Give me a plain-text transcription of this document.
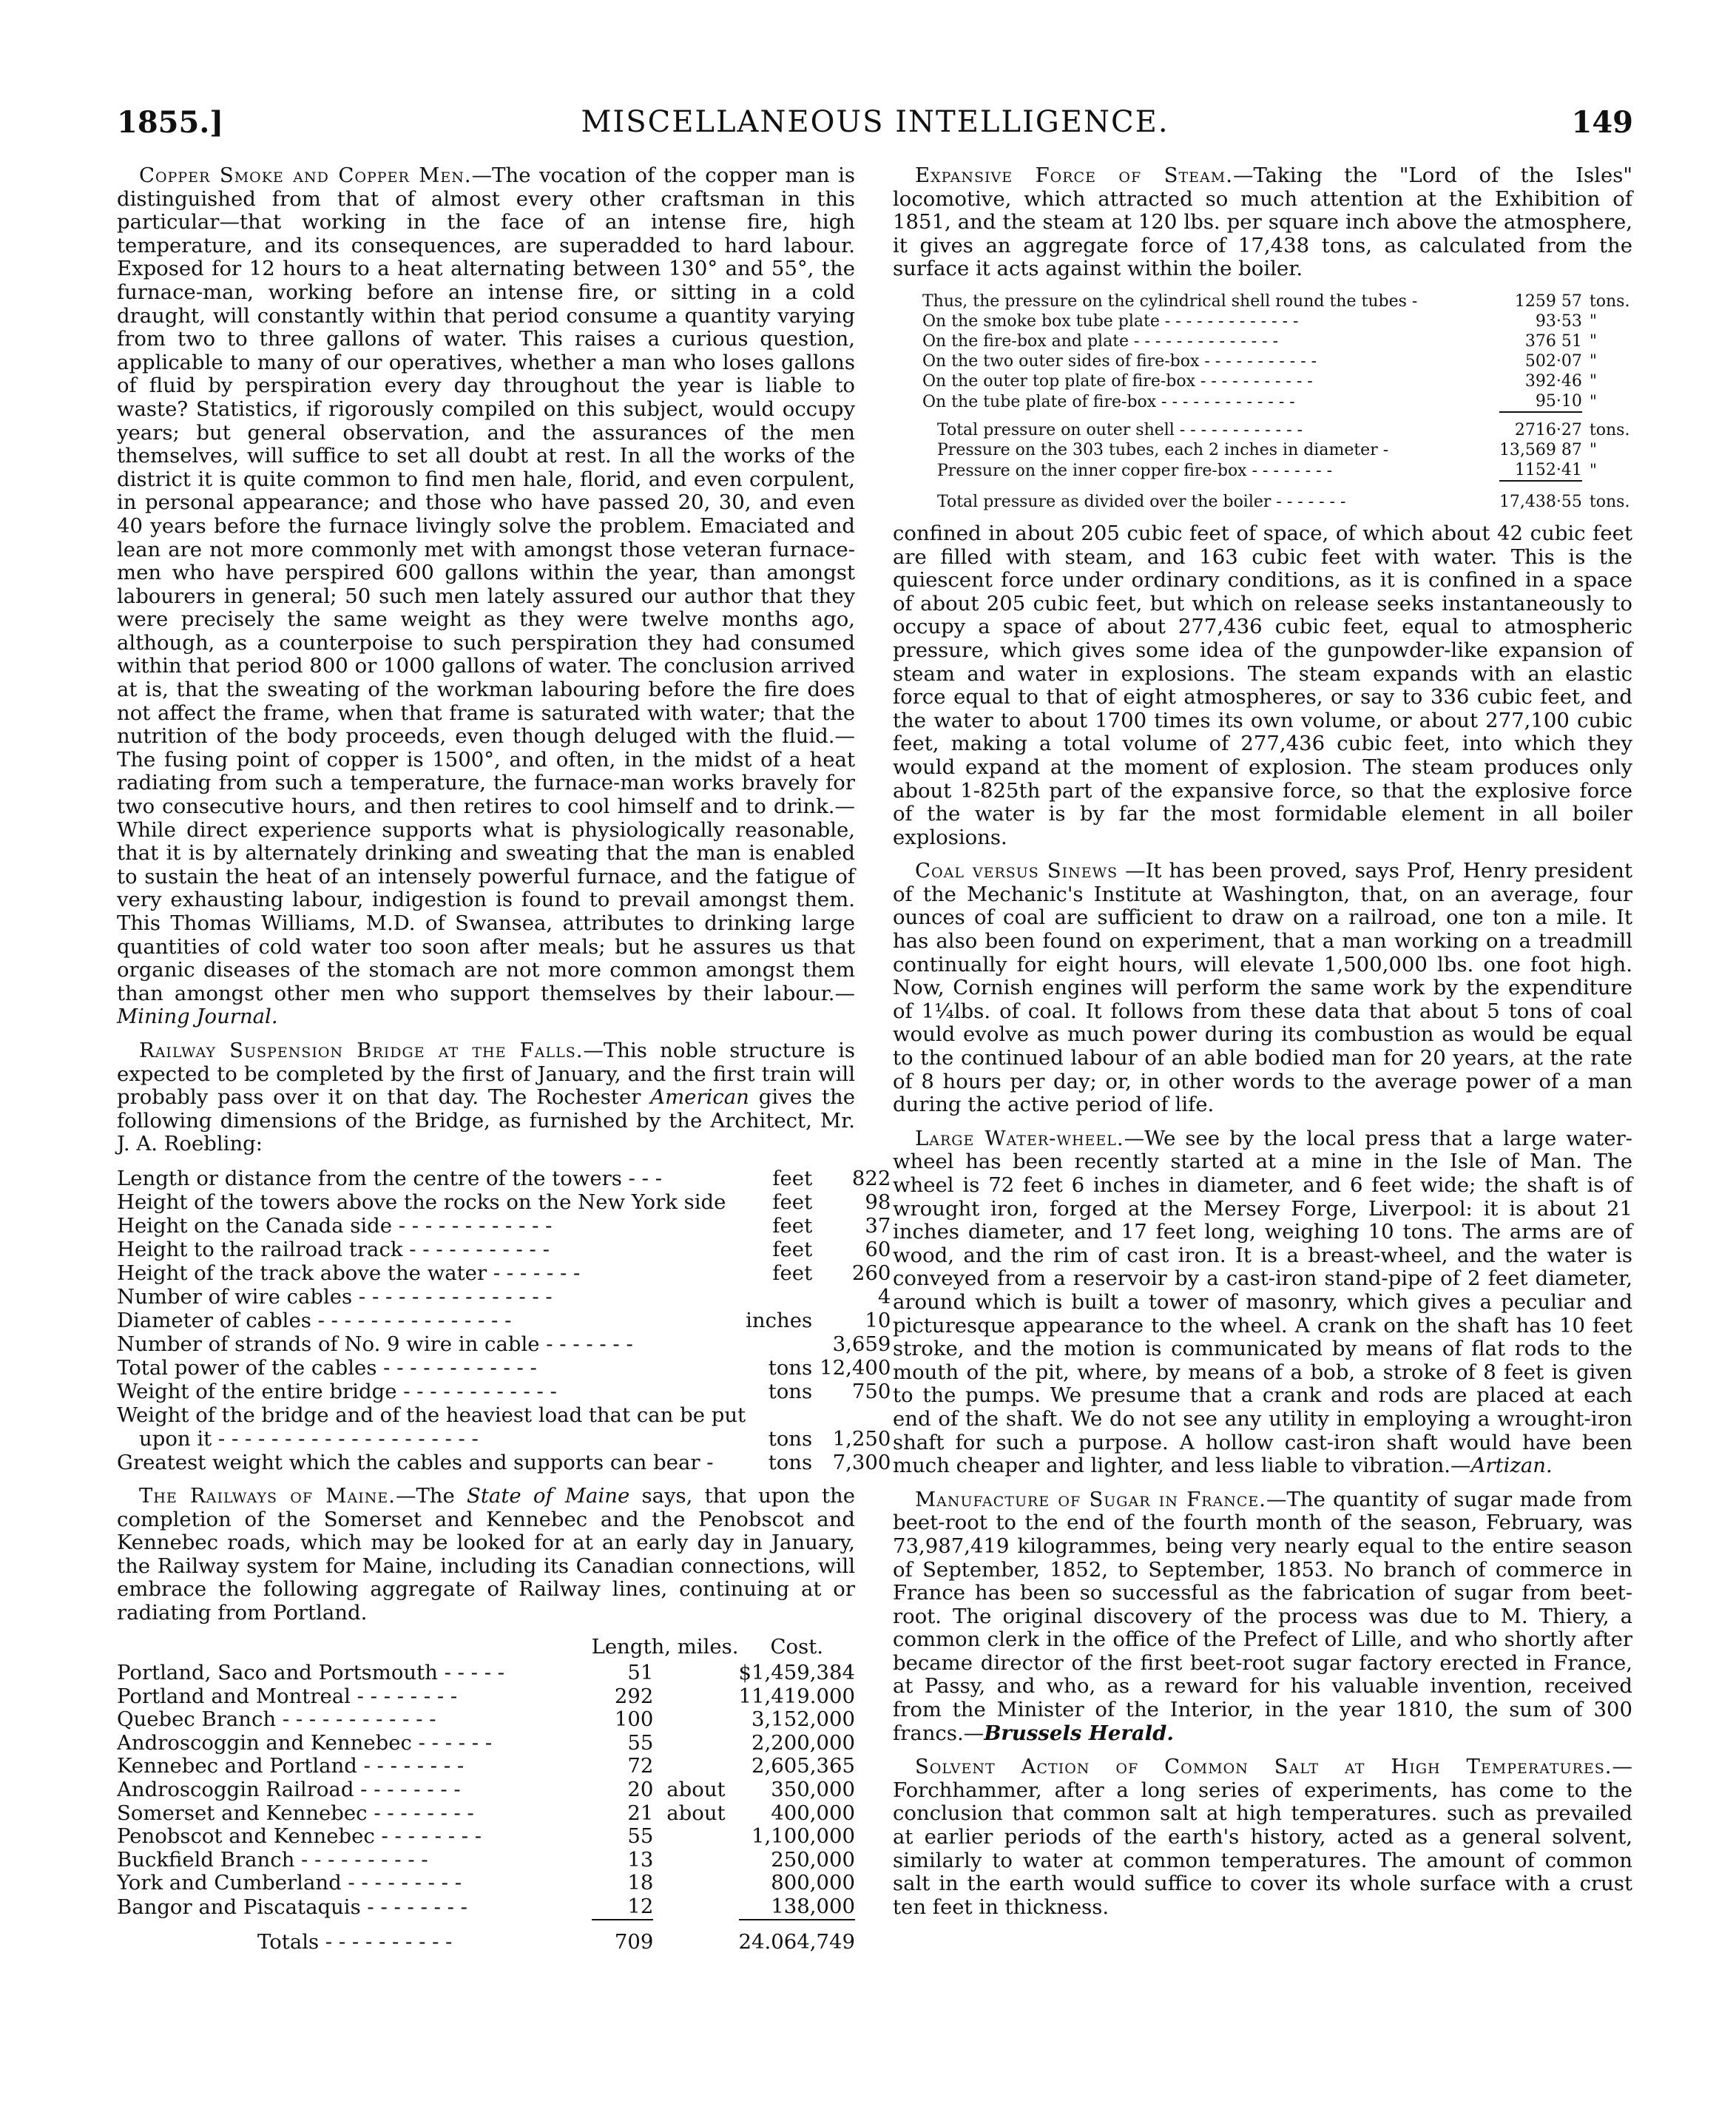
1855.]	MISCELLANEOUS INTELLIGENCE.	149

Copper Smoke and Copper Men.—The vocation of the copper man is distinguished from that of almost every other craftsman in this particular—that working in the face of an intense fire, high temperature, and its consequences, are superadded to hard labour. Exposed for 12 hours to a heat alternating between 130° and 55°, the furnace-man, working before an intense fire, or sitting in a cold draught, will constantly within that period consume a quantity varying from two to three gallons of water. This raises a curious question, applicable to many of our operatives, whether a man who loses gallons of fluid by perspiration every day throughout the year is liable to waste? Statistics, if rigorously compiled on this subject, would occupy years; but general observation, and the assurances of the men themselves, will suffice to set all doubt at rest. In all the works of the district it is quite common to find men hale, florid, and even corpulent, in personal appearance; and those who have passed 20, 30, and even 40 years before the furnace livingly solve the problem. Emaciated and lean are not more commonly met with amongst those veteran furnace-men who have perspired 600 gallons within the year, than amongst labourers in general; 50 such men lately assured our author that they were precisely the same weight as they were twelve months ago, although, as a counterpoise to such perspiration they had consumed within that period 800 or 1000 gallons of water. The conclusion arrived at is, that the sweating of the workman labouring before the fire does not affect the frame, when that frame is saturated with water; that the nutrition of the body proceeds, even though deluged with the fluid.—The fusing point of copper is 1500°, and often, in the midst of a heat radiating from such a temperature, the furnace-man works bravely for two consecutive hours, and then retires to cool himself and to drink.—While direct experience supports what is physiologically reasonable, that it is by alternately drinking and sweating that the man is enabled to sustain the heat of an intensely powerful furnace, and the fatigue of very exhausting labour, indigestion is found to prevail amongst them. This Thomas Williams, M.D. of Swansea, attributes to drinking large quantities of cold water too soon after meals; but he assures us that organic diseases of the stomach are not more common amongst them than amongst other men who support themselves by their labour.—Mining Journal.

Railway Suspension Bridge at the Falls.—This noble structure is expected to be completed by the first of January, and the first train will probably pass over it on that day. The Rochester American gives the following dimensions of the Bridge, as furnished by the Architect, Mr. J. A. Roebling:

Length or distance from the centre of the towers - - -	feet	822
Height of the towers above the rocks on the New York side	feet	98
Height on the Canada side - - - - - - - - - - - -	feet	37
Height to the railroad track - - - - - - - - - - -	feet	60
Height of the track above the water - - - - - - -	feet	260
Number of wire cables - - - - - - - - - - - - - - -		4
Diameter of cables - - - - - - - - - - - - - - -	inches	10
Number of strands of No. 9 wire in cable - - - - - - -		3,659
Total power of the cables - - - - - - - - - - - -	tons	12,400
Weight of the entire bridge - - - - - - - - - - - -	tons	750
Weight of the bridge and of the heaviest load that can be put		
upon it - - - - - - - - - - - - - - - - - - - -	tons	1,250
Greatest weight which the cables and supports can bear -	tons	7,300

The Railways of Maine.—The State of Maine says, that upon the completion of the Somerset and Kennebec and the Penobscot and Kennebec roads, which may be looked for at an early day in January, the Railway system for Maine, including its Canadian connections, will embrace the following aggregate of Railway lines, continuing at or radiating from Portland.

	Length, miles.		Cost.
Portland, Saco and Portsmouth - - - - -	51		$1,459,384
Portland and Montreal - - - - - - - -	292		11,419.000
Quebec Branch - - - - - - - - - - - -	100		3,152,000
Androscoggin and Kennebec - - - - - -	55		2,200,000
Kennebec and Portland - - - - - - - -	72		2,605,365
Androscoggin Railroad - - - - - - - -	20	about	350,000
Somerset and Kennebec - - - - - - - -	21	about	400,000
Penobscot and Kennebec - - - - - - - -	55		1,100,000
Buckfield Branch - - - - - - - - - -	13		250,000
York and Cumberland - - - - - - - - -	18		800,000
Bangor and Piscataquis - - - - - - - -	12		138,000
Totals - - - - - - - - - -	709		24.064,749

Expansive Force of Steam.—Taking the "Lord of the Isles" locomotive, which attracted so much attention at the Exhibition of 1851, and the steam at 120 lbs. per square inch above the atmosphere, it gives an aggregate force of 17,438 tons, as calculated from the surface it acts against within the boiler.

Thus, the pressure on the cylindrical shell round the tubes -	1259 57	tons.
On the smoke box tube plate - - - - - - - - - - - - -	93·53	"
On the fire-box and plate - - - - - - - - - - - - - -	376 51	"
On the two outer sides of fire-box - - - - - - - - - - -	502·07	"
On the outer top plate of fire-box - - - - - - - - - - -	392·46	"
On the tube plate of fire-box - - - - - - - - - - - - -	95·10	"
Total pressure on outer shell - - - - - - - - - - - -	2716·27	tons.
Pressure on the 303 tubes, each 2 inches in diameter -	13,569 87	"
Pressure on the inner copper fire-box - - - - - - - -	1152·41	"
Total pressure as divided over the boiler - - - - - - -	17,438·55	tons.

confined in about 205 cubic feet of space, of which about 42 cubic feet are filled with steam, and 163 cubic feet with water. This is the quiescent force under ordinary conditions, as it is confined in a space of about 205 cubic feet, but which on release seeks instantaneously to occupy a space of about 277,436 cubic feet, equal to atmospheric pressure, which gives some idea of the gunpowder-like expansion of steam and water in explosions. The steam expands with an elastic force equal to that of eight atmospheres, or say to 336 cubic feet, and the water to about 1700 times its own volume, or about 277,100 cubic feet, making a total volume of 277,436 cubic feet, into which they would expand at the moment of explosion. The steam produces only about 1-825th part of the expansive force, so that the explosive force of the water is by far the most formidable element in all boiler explosions.

Coal versus Sinews —It has been proved, says Prof, Henry president of the Mechanic's Institute at Washington, that, on an average, four ounces of coal are sufficient to draw on a railroad, one ton a mile. It has also been found on experiment, that a man working on a treadmill continually for eight hours, will elevate 1,500,000 lbs. one foot high. Now, Cornish engines will perform the same work by the expenditure of 1¼lbs. of coal. It follows from these data that about 5 tons of coal would evolve as much power during its combustion as would be equal to the continued labour of an able bodied man for 20 years, at the rate of 8 hours per day; or, in other words to the average power of a man during the active period of life.

Large Water-wheel.—We see by the local press that a large water-wheel has been recently started at a mine in the Isle of Man. The wheel is 72 feet 6 inches in diameter, and 6 feet wide; the shaft is of wrought iron, forged at the Mersey Forge, Liverpool: it is about 21 inches diameter, and 17 feet long, weighing 10 tons. The arms are of wood, and the rim of cast iron. It is a breast-wheel, and the water is conveyed from a reservoir by a cast-iron stand-pipe of 2 feet diameter, around which is built a tower of masonry, which gives a peculiar and picturesque appearance to the wheel. A crank on the shaft has 10 feet stroke, and the motion is communicated by means of flat rods to the mouth of the pit, where, by means of a bob, a stroke of 8 feet is given to the pumps. We presume that a crank and rods are placed at each end of the shaft. We do not see any utility in employing a wrought-iron shaft for such a purpose. A hollow cast-iron shaft would have been much cheaper and lighter, and less liable to vibration.—Artizan.

Manufacture of Sugar in France.—The quantity of sugar made from beet-root to the end of the fourth month of the season, February, was 73,987,419 kilogrammes, being very nearly equal to the entire season of September, 1852, to September, 1853. No branch of commerce in France has been so successful as the fabrication of sugar from beet-root. The original discovery of the process was due to M. Thiery, a common clerk in the office of the Prefect of Lille, and who shortly after became director of the first beet-root sugar factory erected in France, at Passy, and who, as a reward for his valuable invention, received from the Minister of the Interior, in the year 1810, the sum of 300 francs.—Brussels Herald.

Solvent Action of Common Salt at High Temperatures.—Forchhammer, after a long series of experiments, has come to the conclusion that common salt at high temperatures. such as prevailed at earlier periods of the earth's history, acted as a general solvent, similarly to water at common temperatures. The amount of common salt in the earth would suffice to cover its whole surface with a crust ten feet in thickness.
